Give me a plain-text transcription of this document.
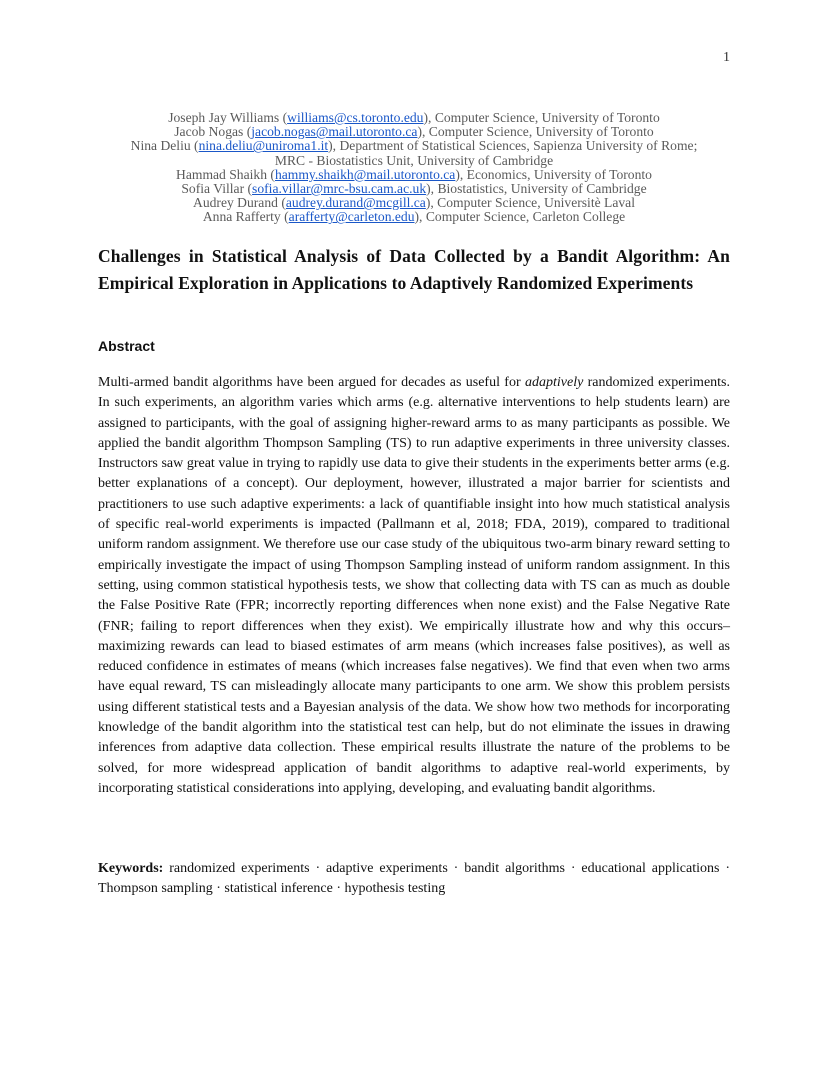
1
Joseph Jay Williams (williams@cs.toronto.edu), Computer Science, University of Toronto
Jacob Nogas (jacob.nogas@mail.utoronto.ca), Computer Science, University of Toronto
Nina Deliu (nina.deliu@uniroma1.it), Department of Statistical Sciences, Sapienza University of Rome;
MRC - Biostatistics Unit, University of Cambridge
Hammad Shaikh (hammy.shaikh@mail.utoronto.ca), Economics, University of Toronto
Sofia Villar (sofia.villar@mrc-bsu.cam.ac.uk), Biostatistics, University of Cambridge
Audrey Durand (audrey.durand@mcgill.ca), Computer Science, Universitè Laval
Anna Rafferty (arafferty@carleton.edu), Computer Science, Carleton College
Challenges in Statistical Analysis of Data Collected by a Bandit Algorithm: An Empirical Exploration in Applications to Adaptively Randomized Experiments
Abstract

Multi-armed bandit algorithms have been argued for decades as useful for adaptively randomized experiments. In such experiments, an algorithm varies which arms (e.g. alternative interventions to help students learn) are assigned to participants, with the goal of assigning higher-reward arms to as many participants as possible. We applied the bandit algorithm Thompson Sampling (TS) to run adaptive experiments in three university classes. Instructors saw great value in trying to rapidly use data to give their students in the experiments better arms (e.g. better explanations of a concept). Our deployment, however, illustrated a major barrier for scientists and practitioners to use such adaptive experiments: a lack of quantifiable insight into how much statistical analysis of specific real-world experiments is impacted (Pallmann et al, 2018; FDA, 2019), compared to traditional uniform random assignment. We therefore use our case study of the ubiquitous two-arm binary reward setting to empirically investigate the impact of using Thompson Sampling instead of uniform random assignment. In this setting, using common statistical hypothesis tests, we show that collecting data with TS can as much as double the False Positive Rate (FPR; incorrectly reporting differences when none exist) and the False Negative Rate (FNR; failing to report differences when they exist). We empirically illustrate how and why this occurs–maximizing rewards can lead to biased estimates of arm means (which increases false positives), as well as reduced confidence in estimates of means (which increases false negatives). We find that even when two arms have equal reward, TS can misleadingly allocate many participants to one arm. We show this problem persists using different statistical tests and a Bayesian analysis of the data. We show how two methods for incorporating knowledge of the bandit algorithm into the statistical test can help, but do not eliminate the issues in drawing inferences from adaptive data collection. These empirical results illustrate the nature of the problems to be solved, for more widespread application of bandit algorithms to adaptive real-world experiments, by incorporating statistical considerations into applying, developing, and evaluating bandit algorithms.

Keywords: randomized experiments · adaptive experiments · bandit algorithms · educational applications · Thompson sampling · statistical inference · hypothesis testing
